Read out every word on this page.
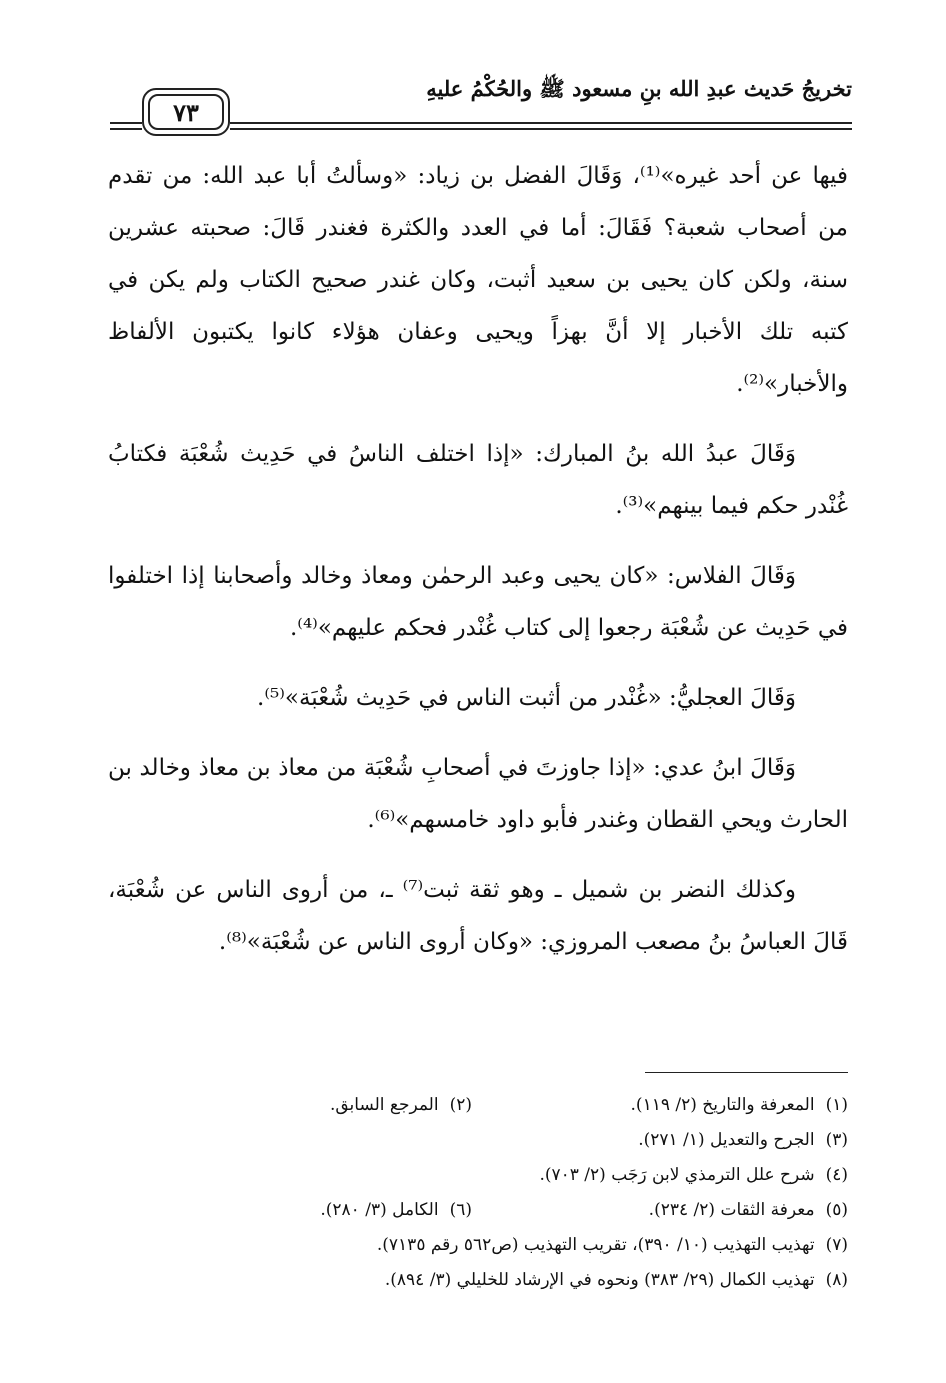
تخريجُ حَديث عبدِ الله بنِ مسعود ﷺ والحُكْمُ عليهِ
٧٣

فيها عن أحد غيره»⁽¹⁾، وَقَالَ الفضل بن زياد: «وسألتُ أبا عبد الله: من تقدم من أصحاب شعبة؟ فَقَالَ: أما في العدد والكثرة فغندر قَالَ: صحبته عشرين سنة، ولكن كان يحيى بن سعيد أثبت، وكان غندر صحيح الكتاب ولم يكن في كتبه تلك الأخبار إلا أنَّ بهزاً ويحيى وعفان هؤلاء كانوا يكتبون الألفاظ والأخبار»⁽²⁾.

وَقَالَ عبدُ الله بنُ المبارك: «إذا اختلف الناسُ في حَدِيث شُعْبَة فكتابُ غُنْدر حكم فيما بينهم»⁽³⁾.

وَقَالَ الفلاس: «كان يحيى وعبد الرحمٰن ومعاذ وخالد وأصحابنا إذا اختلفوا في حَدِيث عن شُعْبَة رجعوا إلى كتاب غُنْدر فحكم عليهم»⁽⁴⁾.

وَقَالَ العجليُّ: «غُنْدر من أثبت الناس في حَدِيث شُعْبَة»⁽⁵⁾.

وَقَالَ ابنُ عدي: «إذا جاوزتَ في أصحابِ شُعْبَة من معاذ بن معاذ وخالد بن الحارث ويحي القطان وغندر فأبو داود خامسهم»⁽⁶⁾.

وكذلك النضر بن شميل ـ وهو ثقة ثبت⁽⁷⁾ ـ، من أروى الناس عن شُعْبَة، قَالَ العباسُ بنُ مصعب المروزي: «وكان أروى الناس عن شُعْبَة»⁽⁸⁾.

(١) المعرفة والتاريخ (٢/ ١١٩).
(٢) المرجع السابق.
(٣) الجرح والتعديل (١/ ٢٧١).
(٤) شرح علل الترمذي لابن رَجَب (٢/ ٧٠٣).
(٥) معرفة الثقات (٢/ ٢٣٤).
(٦) الكامل (٣/ ٢٨٠).
(٧) تهذيب التهذيب (١٠/ ٣٩٠)، تقريب التهذيب (ص٥٦٢ رقم ٧١٣٥).
(٨) تهذيب الكمال (٢٩/ ٣٨٣) ونحوه في الإرشاد للخليلي (٣/ ٨٩٤).
